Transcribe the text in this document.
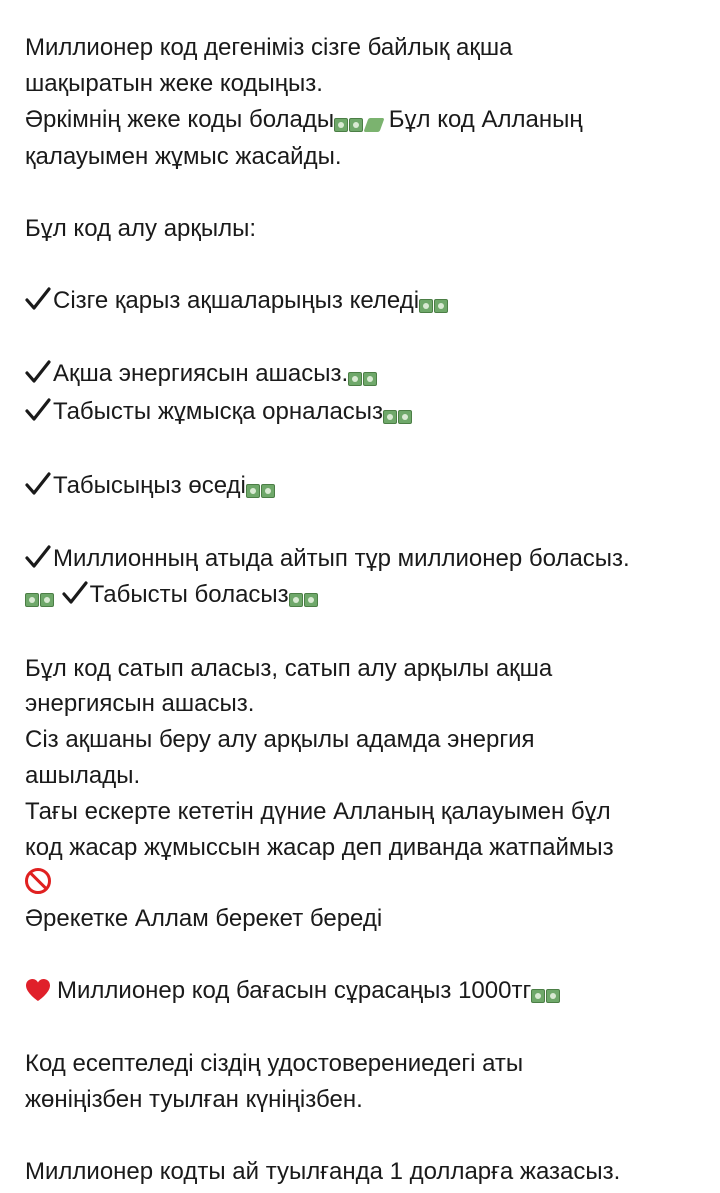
Миллионер код дегеніміз сізге байлық ақша
шақыратын жеке кодыңыз.
Әркімнің жеке коды болады Бұл код Алланың
қалауымен жұмыс жасайды.
Бұл код алу арқылы:
Сізге қарыз ақшаларыңыз келеді
Ақша энергиясын ашасыз.
Табысты жұмысқа орналасыз
Табысыңыз өседі
Миллионның атыда айтып тұр миллионер боласыз.

Табысты боласыз
Бұл код сатып аласыз, сатып алу арқылы ақша
энергиясын ашасыз.
Сіз ақшаны беру алу арқылы адамда энергия
ашылады.
Тағы ескерте кететін дүние Алланың қалауымен бұл
код жасар жұмыссын жасар деп диванда жатпаймыз
Әрекетке Аллам берекет береді
Миллионер код бағасын сұрасаңыз 1000тг
Код есептеледі сіздің удостоверениедегі аты
жөніңізбен туылған күніңізбен.
Миллионер кодты ай туылғанда 1 долларға жазасыз.
